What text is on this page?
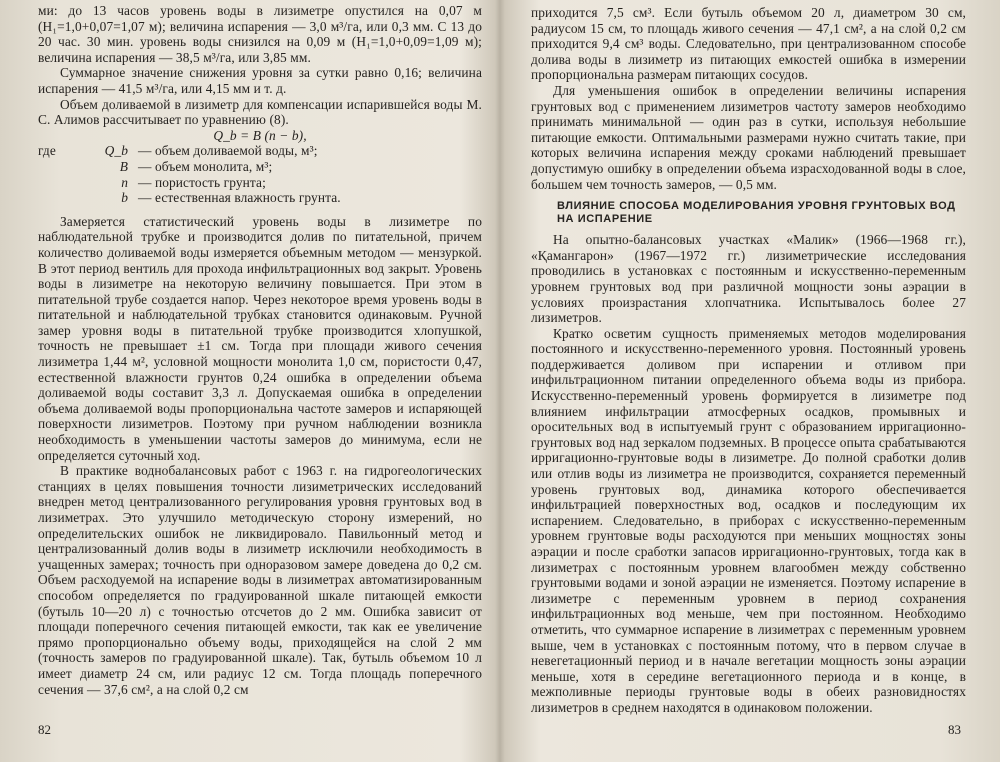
ми: до 13 часов уровень воды в лизиметре опустился на 0,07 м (H₁=1,0+0,07=1,07 м); величина испарения — 3,0 м³/га, или 0,3 мм. С 13 до 20 час. 30 мин. уровень воды снизился на 0,09 м (H₁=1,0+0,09=1,09 м); величина испарения — 38,5 м³/га, или 3,85 мм.

Суммарное значение снижения уровня за сутки равно 0,16; величина испарения — 41,5 м³/га, или 4,15 мм и т. д.

Объем доливаемой в лизиметр для компенсации испарившейся воды М. С. Алимов рассчитывает по уравнению (8).

Q_b = B (n − b),

где	Q_b — объем доливаемой воды, м³;
B — объем монолита, м³;
n — пористость грунта;
b — естественная влажность грунта.

Замеряется статистический уровень воды в лизиметре по наблюдательной трубке и производится долив по питательной, причем количество доливаемой воды измеряется объемным методом — мензуркой. В этот период вентиль для прохода инфильтрационных вод закрыт. Уровень воды в лизиметре на некоторую величину повышается. При этом в питательной трубе создается напор. Через некоторое время уровень воды в питательной и наблюдательной трубках становится одинаковым. Ручной замер уровня воды в питательной трубке производится хлопушкой, точность не превышает ±1 см. Тогда при площади живого сечения лизиметра 1,44 м², условной мощности монолита 1,0 см, пористости 0,47, естественной влажности грунтов 0,24 ошибка в определении объема доливаемой воды составит 3,3 л. Допускаемая ошибка в определении объема доливаемой воды пропорциональна частоте замеров и испаряющей поверхности лизиметров. Поэтому при ручном наблюдении возникла необходимость в уменьшении частоты замеров до минимума, если не определяется суточный ход.

В практике воднобалансовых работ с 1963 г. на гидрогеологических станциях в целях повышения точности лизиметрических исследований внедрен метод централизованного регулирования уровня грунтовых вод в лизиметрах. Это улучшило методическую сторону измерений, но определительских ошибок не ликвидировало. Павильонный метод и централизованный долив воды в лизиметр исключили необходимость в учащенных замерах; точность при одноразовом замере доведена до 0,2 см. Объем расходуемой на испарение воды в лизиметрах автоматизированным способом определяется по градуированной шкале питающей емкости (бутыль 10—20 л) с точностью отсчетов до 2 мм. Ошибка зависит от площади поперечного сечения питающей емкости, так как ее увеличение прямо пропорционально объему воды, приходящейся на слой 2 мм (точность замеров по градуированной шкале). Так, бутыль объемом 10 л имеет диаметр 24 см, или радиус 12 см. Тогда площадь поперечного сечения — 37,6 см², а на слой 0,2 см

82

приходится 7,5 см³. Если бутыль объемом 20 л, диаметром 30 см, радиусом 15 см, то площадь живого сечения — 47,1 см², а на слой 0,2 см приходится 9,4 см³ воды. Следовательно, при централизованном способе долива воды в лизиметр из питающих емкостей ошибка в измерении пропорциональна размерам питающих сосудов.

Для уменьшения ошибок в определении величины испарения грунтовых вод с применением лизиметров частоту замеров необходимо принимать минимальной — один раз в сутки, используя небольшие питающие емкости. Оптимальными размерами нужно считать такие, при которых величина испарения между сроками наблюдений превышает допустимую ошибку в определении объема израсходованной воды в слое, большем чем точность замеров, — 0,5 мм.

ВЛИЯНИЕ СПОСОБА МОДЕЛИРОВАНИЯ УРОВНЯ ГРУНТОВЫХ ВОД НА ИСПАРЕНИЕ

На опытно-балансовых участках «Малик» (1966—1968 гг.), «Қамангарон» (1967—1972 гг.) лизиметрические исследования проводились в установках с постоянным и искусственно-переменным уровнем грунтовых вод при различной мощности зоны аэрации в условиях произрастания хлопчатника. Испытывалось более 27 лизиметров.

Кратко осветим сущность применяемых методов моделирования постоянного и искусственно-переменного уровня. Постоянный уровень поддерживается доливом при испарении и отливом при инфильтрационном питании определенного объема воды из прибора. Искусственно-переменный уровень формируется в лизиметре под влиянием инфильтрации атмосферных осадков, промывных и оросительных вод в испытуемый грунт с образованием ирригационно-грунтовых вод над зеркалом подземных. В процессе опыта срабатываются ирригационно-грунтовые воды в лизиметре. До полной сработки долив или отлив воды из лизиметра не производится, сохраняется переменный уровень грунтовых вод, динамика которого обеспечивается инфильтрацией поверхностных вод, осадков и последующим их испарением. Следовательно, в приборах с искусственно-переменным уровнем грунтовые воды расходуются при меньших мощностях зоны аэрации и после сработки запасов ирригационно-грунтовых, тогда как в лизиметрах с постоянным уровнем влагообмен между собственно грунтовыми водами и зоной аэрации не изменяется. Поэтому испарение в лизиметре с переменным уровнем в период сохранения инфильтрационных вод меньше, чем при постоянном. Необходимо отметить, что суммарное испарение в лизиметрах с переменным уровнем выше, чем в установках с постоянным потому, что в первом случае в невегетационный период и в начале вегетации мощность зоны аэрации меньше, хотя в середине вегетационного периода и в конце, в межполивные периоды грунтовые воды в обеих разновидностях лизиметров в среднем находятся в одинаковом положении.

83
